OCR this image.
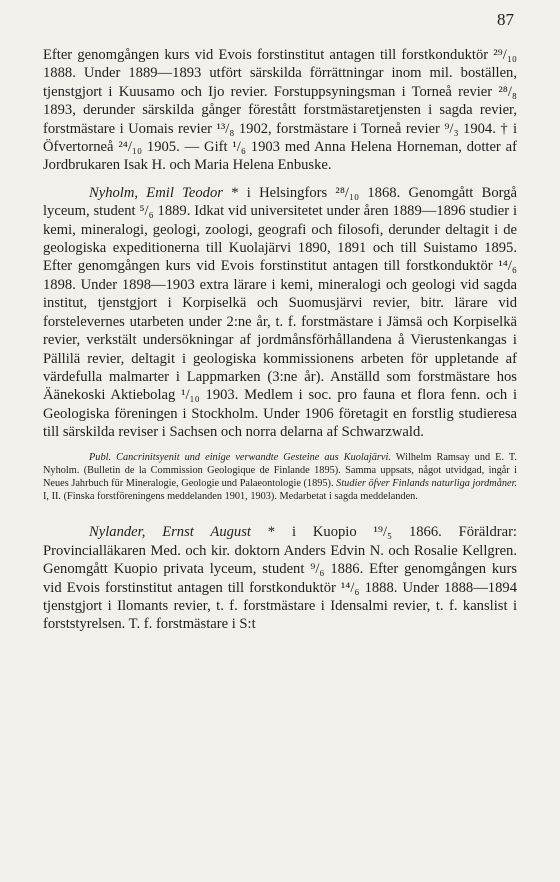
87

Efter genomgången kurs vid Evois forstinstitut antagen till forstkonduktör ²⁹/₁₀ 1888. Under 1889—1893 utfört särskilda förrättningar inom mil. boställen, tjenstgjort i Kuusamo och Ijo revier. Forstuppsyningsman i Torneå revier ²⁸/₈ 1893, derunder särskilda gånger förestått forstmästaretjensten i sagda revier, forstmästare i Uomais revier ¹³/₈ 1902, forstmästare i Torneå revier ⁹/₃ 1904. † i Öfvertorneå ²⁴/₁₀ 1905. — Gift ¹/₆ 1903 med Anna Helena Horneman, dotter af Jordbrukaren Isak H. och Maria Helena Enbuske.

Nyholm, Emil Teodor * i Helsingfors ²⁸/₁₀ 1868. Genomgått Borgå lyceum, student ⁵/₆ 1889. Idkat vid universitetet under åren 1889—1896 studier i kemi, mineralogi, geologi, zoologi, geografi och filosofi, derunder deltagit i de geologiska expeditionerna till Kuolajärvi 1890, 1891 och till Suistamo 1895. Efter genomgången kurs vid Evois forstinstitut antagen till forstkonduktör ¹⁴/₆ 1898. Under 1898—1903 extra lärare i kemi, mineralogi och geologi vid sagda institut, tjenstgjort i Korpiselkä och Suomusjärvi revier, bitr. lärare vid forstelevernes utarbeten under 2:ne år, t. f. forstmästare i Jämsä och Korpiselkä revier, verkstält undersökningar af jordmånsförhållandena å Vierustenkangas i Pällilä revier, deltagit i geologiska kommissionens arbeten för uppletande af värdefulla malmarter i Lappmarken (3:ne år). Anställd som forstmästare hos Äänekoski Aktiebolag ¹/₁₀ 1903. Medlem i soc. pro fauna et flora fenn. och i Geologiska föreningen i Stockholm. Under 1906 företagit en forstlig studieresa till särskilda reviser i Sachsen och norra delarna af Schwarzwald.

Publ. Cancrinitsyenit und einige verwandte Gesteine aus Kuolajärvi. Wilhelm Ramsay und E. T. Nyholm. (Bulletin de la Commission Geologique de Finlande 1895). Samma uppsats, något utvidgad, ingår i Neues Jahrbuch für Mineralogie, Geologie und Palaeontologie (1895). Studier öfver Finlands naturliga jordmåner. I, II. (Finska forstföreningens meddelanden 1901, 1903). Medarbetat i sagda meddelanden.

Nylander, Ernst August * i Kuopio ¹⁹/₅ 1866. Föräldrar: Provincialläkaren Med. och kir. doktorn Anders Edvin N. och Rosalie Kellgren. Genomgått Kuopio privata lyceum, student ⁹/₆ 1886. Efter genomgången kurs vid Evois forstinstitut antagen till forstkonduktör ¹⁴/₆ 1888. Under 1888—1894 tjenstgjort i Ilomants revier, t. f. forstmästare i Idensalmi revier, t. f. kanslist i forststyrelsen. T. f. forstmästare i S:t
